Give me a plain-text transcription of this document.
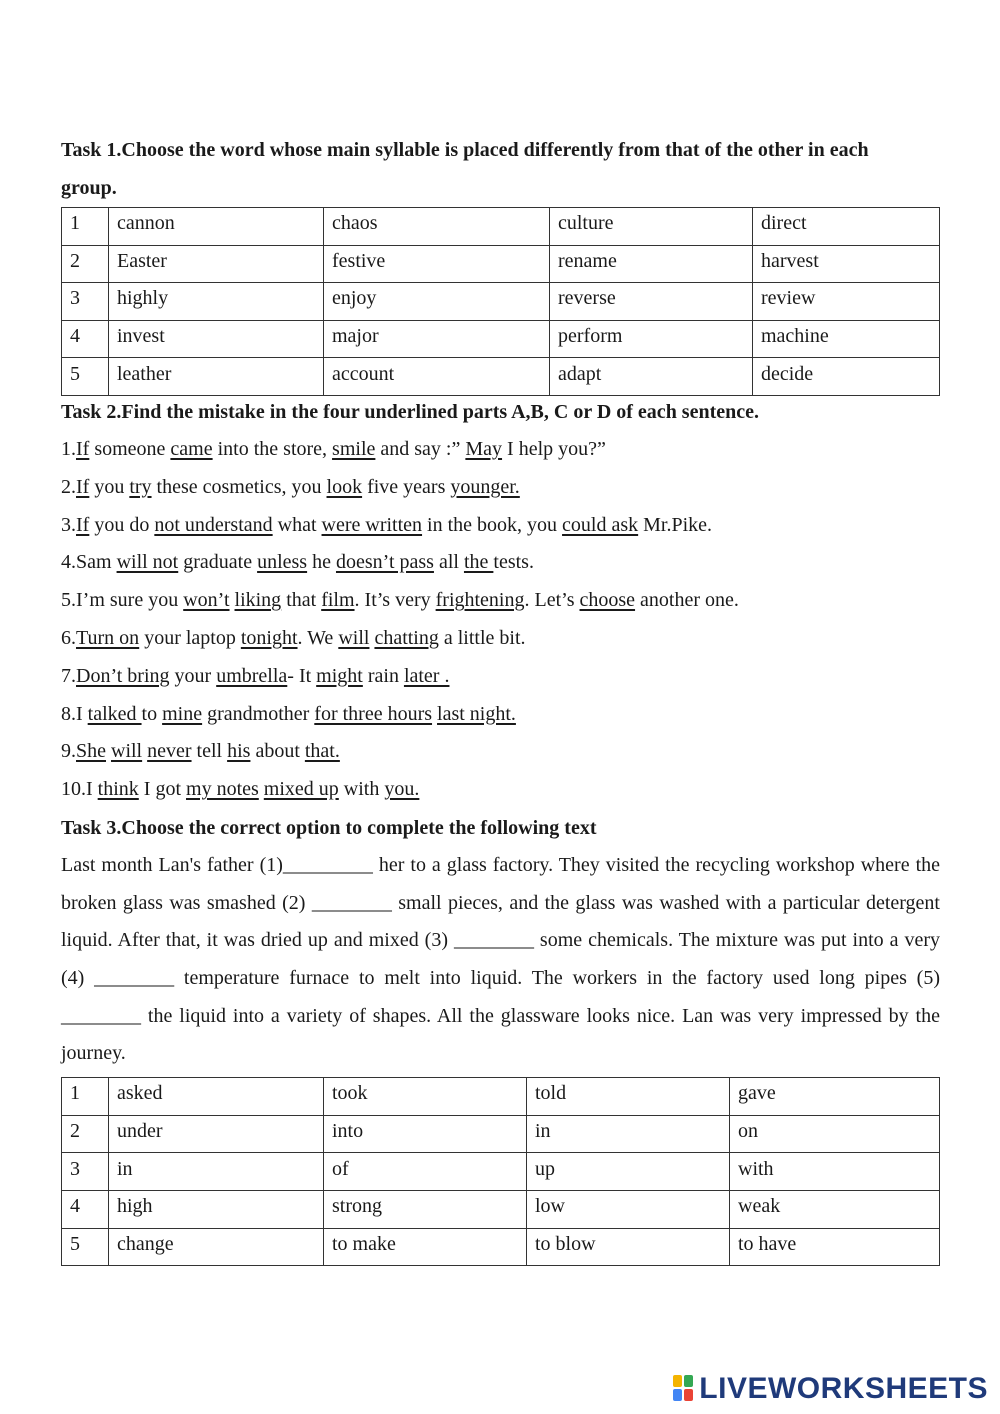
Task 1.Choose the word whose main syllable is placed differently from that of the other in each

group.

1	cannon	chaos	culture	direct
2	Easter	festive	rename	harvest
3	highly	enjoy	reverse	review
4	invest	major	perform	machine
5	leather	account	adapt	decide

Task 2.Find the mistake in the four underlined parts A,B, C or D of each sentence.

1.If someone came into the store, smile and say :” May I help you?”

2.If you try these cosmetics, you look five years younger.

3.If you do not understand what were written in the book, you could ask Mr.Pike.

4.Sam will not graduate unless he doesn’t pass all the tests.

5.I’m sure you won’t liking that film. It’s very frightening. Let’s choose another one.

6.Turn on your laptop tonight. We will chatting a little bit.

7.Don’t bring your umbrella- It might rain later .

8.I talked to mine grandmother for three hours last night.

9.She will never tell his about that.

10.I think I got my notes mixed up with you.

Task 3.Choose the correct option to complete the following text

Last month Lan's father (1)_________ her to a glass factory. They visited the recycling workshop where the broken glass was smashed (2) ________ small pieces, and the glass was washed with a particular detergent liquid. After that, it was dried up and mixed (3) ________ some chemicals. The mixture was put into a very (4) ________ temperature furnace to melt into liquid. The workers in the factory used long pipes (5) ________ the liquid into a variety of shapes. All the glassware looks nice. Lan was very impressed by the journey.

1	asked	took	told	gave
2	under	into	in	on
3	in	of	up	with
4	high	strong	low	weak
5	change	to make	to blow	to have
LIVEWORKSHEETS
